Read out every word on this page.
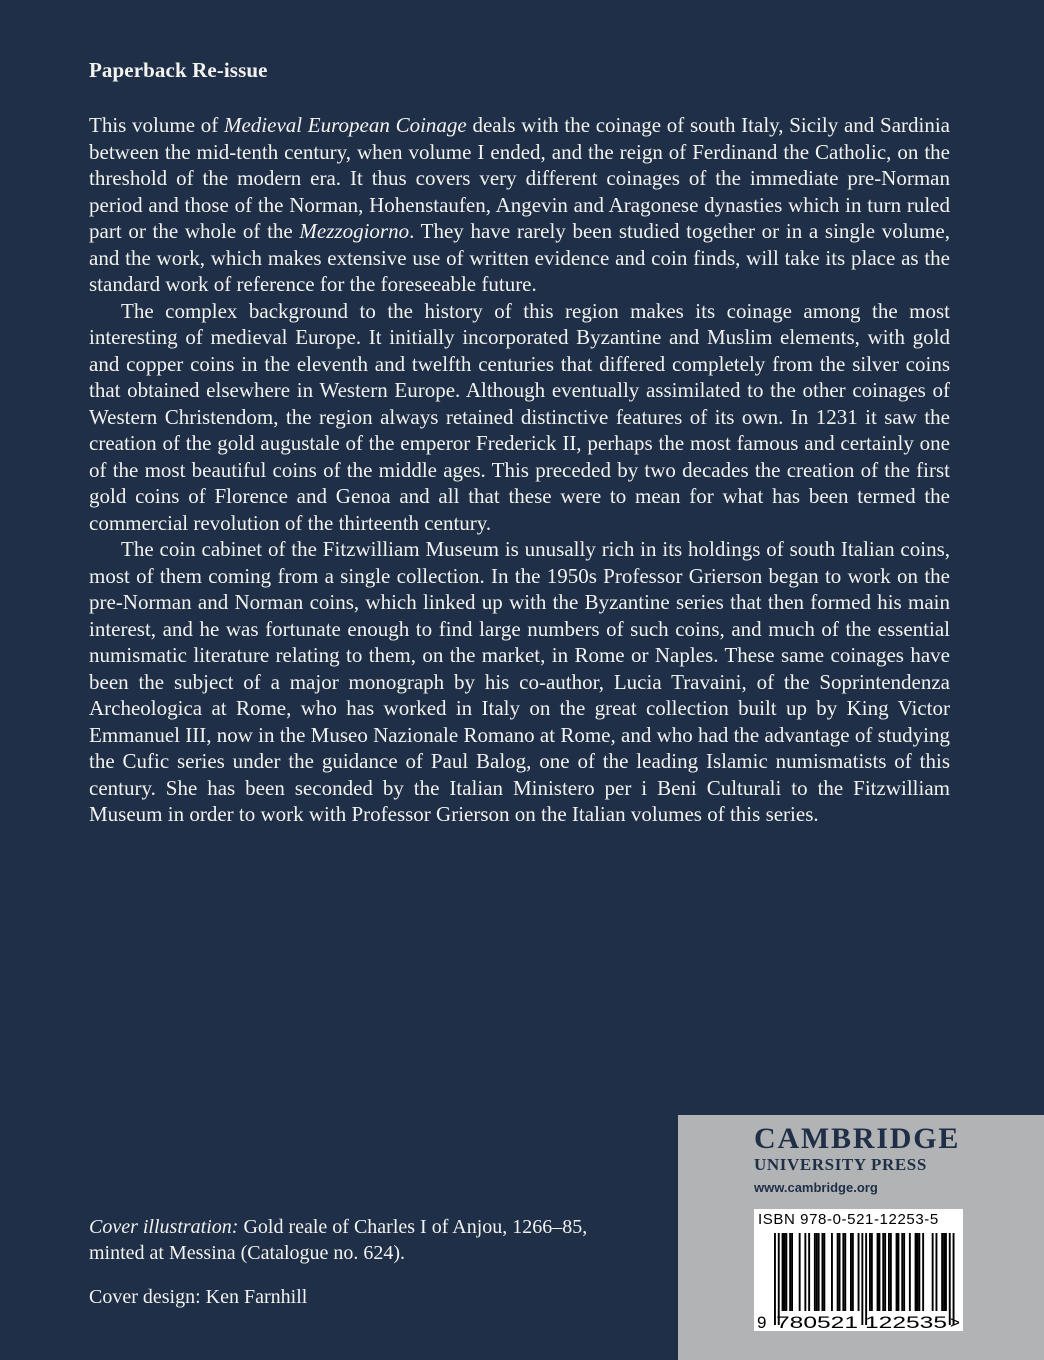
Paperback Re-issue

This volume of Medieval European Coinage deals with the coinage of south Italy, Sicily and Sardinia between the mid-tenth century, when volume I ended, and the reign of Ferdinand the Catholic, on the threshold of the modern era. It thus covers very different coinages of the immediate pre-Norman period and those of the Norman, Hohenstaufen, Angevin and Aragonese dynasties which in turn ruled part or the whole of the Mezzogiorno. They have rarely been studied together or in a single volume, and the work, which makes extensive use of written evidence and coin finds, will take its place as the standard work of reference for the foreseeable future.

The complex background to the history of this region makes its coinage among the most interesting of medieval Europe. It initially incorporated Byzantine and Muslim elements, with gold and copper coins in the eleventh and twelfth centuries that differed completely from the silver coins that obtained elsewhere in Western Europe. Although eventually assimilated to the other coinages of Western Christendom, the region always retained distinctive features of its own. In 1231 it saw the creation of the gold augustale of the emperor Frederick II, perhaps the most famous and certainly one of the most beautiful coins of the middle ages. This preceded by two decades the creation of the first gold coins of Florence and Genoa and all that these were to mean for what has been termed the commercial revolution of the thirteenth century.

The coin cabinet of the Fitzwilliam Museum is unusally rich in its holdings of south Italian coins, most of them coming from a single collection. In the 1950s Professor Grierson began to work on the pre-Norman and Norman coins, which linked up with the Byzantine series that then formed his main interest, and he was fortunate enough to find large numbers of such coins, and much of the essential numismatic literature relating to them, on the market, in Rome or Naples. These same coinages have been the subject of a major monograph by his co-author, Lucia Travaini, of the Soprintendenza Archeologica at Rome, who has worked in Italy on the great collection built up by King Victor Emmanuel III, now in the Museo Nazionale Romano at Rome, and who had the advantage of studying the Cufic series under the guidance of Paul Balog, one of the leading Islamic numismatists of this century. She has been seconded by the Italian Ministero per i Beni Culturali to the Fitzwilliam Museum in order to work with Professor Grierson on the Italian volumes of this series.

Cover illustration: Gold reale of Charles I of Anjou, 1266–85, minted at Messina (Catalogue no. 624).

Cover design: Ken Farnhill

CAMBRIDGE
UNIVERSITY PRESS
www.cambridge.org
ISBN 978-0-521-12253-5
9 780521 122535 >
